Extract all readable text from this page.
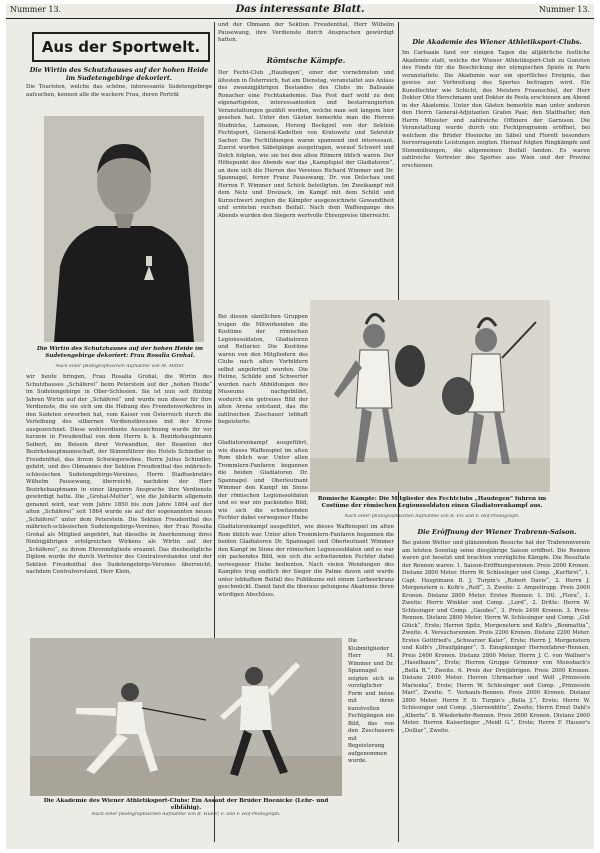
Nummer 13.	Das interessante Blatt.	Nummer 13.
Aus der Sportwelt.
Die Wirtin des Schutzhauses auf der hohen Heide im Sudetengebirge dekoriert.
Die Touristen, welche das schöne, interessante Sudetengebirge aufsuchen, kennen alle die wackere Frau, deren Porträt
Die Wirtin des Schutzhauses auf der hohen Heide im Sudetengebirge dekoriert: Frau Rosalia Grohal.
Nach einer photographischen Aufnahme von M. Mitter.
wir heute bringen, Frau Rosalia Grohal, die Wirtin des Schutzhauses „Schäferei“ beim Peterstein auf der „hohen Heide“ im Sudetengebirge in Ober-Schlesien. Sie ist nun seit fünfzig Jahren Wirtin auf der „Schäferei“ und wurde nun dieser für ihre Verdienste, die sie sich um die Hebung des Fremdenverkehres in den Sudeten erworben hat, vom Kaiser von Österreich durch die Verleihung des silbernen Verdienstkreuzes mit der Krone ausgezeichnet. Diese wohlverdiente Auszeichnung wurde ihr vor kurzem in Freudenthal von dem Herrn k. k. Bezirkshauptmann Seibert, im Beisein ihrer Verwandten, der Beamten der Bezirkshauptmannschaft, der Stimmführer des Hotels Schindler in Freudenthal, das ihrem Schwiegersohne, Herrn Julius Schindler, gehört, und des Obmannes der Sektion Freudenthal des mährisch-schlesischen Sudetengebirgs-Vereines, Herrn Stadtsekretärs Wilhelm Pausewang, überreicht, nachdem der Herr Bezirkshauptmann in einer längeren Ansprache ihre Verdienste gewürdigt hatte. Die „Grohal-Mutter“, wie die Jubilarin allgemein genannt wird, war vom Jahre 1850 bis zum Jahre 1864 auf der alten „Schäferei“ seit 1864 wurde sie auf der sogenannten neuen „Schäferei“ unter dem Peterstein. Die Sektion Freudenthal des mährisch-schlesischen Sudetengebirgs-Vereines, der Frau Rosalia Grohal als Mitglied angehört, hat dieselbe in Anerkennung ihres fünfzigjährigen erfolgreichen Wirkens als Wirtin auf der „Schäferei“, zu ihrem Ehrenmitgliede ernannt. Das diesbezügliche Diplom wurde ihr durch Vertreter des Centralvorstandes und der Sektion Freudenthal des Sudetengebirgs-Vereines überreicht, nachdem Centralvorstand, Herr Klein,
und der Obmann der Sektion Freudenthal, Herr Wilhelm Pausewang, ihre Verdienste durch Ansprachen gewürdigt hatten.
Römische Kämpfe.
Der Fecht-Club „Haudegen“, einer der vornehmsten und ältesten in Österreich, hat am Dienstag, veranstaltet aus Anlass des zwanzigjährigen Bestandes des Clubs im Ballsaale Ronacher eine Fechtakademie. Das Fest darf wohl zu den eigenartigsten, interessantesten und bestarrangierten Veranstaltungen gezählt werden, welche man seit langem hier gesehen hat. Unter den Gästen bemerkte man die Herren Studnicka, Lamezan, Herzog Beckgzel von der Sektion Fechtsport, General-Kadetten von Kratowetz und Sekretär Sacher. Die Fechtübungen waren spannend und interessant. Zuerst wurden Säbelgänge ausgetragen, worauf Schwert und Dolch folgten, wie sie bei den alten Römern üblich waren. Der Höhepunkt des Abends war das „Kampfspiel der Gladiatoren“, an dem sich die Herren des Vereines Richard Wimmer und Dr. Spannagel, ferner Franz Pausewang, Dr. von Dolschau und Herren F. Wimmer und Schick beteiligten. Im Zweikampf mit dem Netz und Dreizack, im Kampf mit dem Schild und Kurzschwert zeigten die Kämpfer ausgezeichnete Gewandtheit und ernteten reichen Beifall. Nach dem Waffengange des Abends wurden den Siegern wertvolle Ehrenpreise überreicht.
Bei diesen sämtlichen Gruppen trugen die Mitwirkenden die Kostüme der römischen Legionssoldaten, Gladiatoren und Retiarier. Die Kostüme waren von den Mitgliedern des Clubs nach alten Vorbildern selbst angefertigt worden. Die Helme, Schilde und Schwerter wurden nach Abbildungen des Museums nachgebildet, wodurch ein getreues Bild der alten Arena entstand, das die zahlreichen Zuschauer lebhaft begeisterte.
Römische Kämpfe: Die Mitglieder des Fechtclubs „Haudegen“ führen im Costüme der römischen Legionssoldaten einen Gladiatorenkampf aus.
Nach einer photographischen Aufnahme von R. Fix und F. Hof-Photograph.
Gladiatorenkampf ausgeführt, wie dieses Waffenspiel im alten Rom üblich war. Unter allen Trommlern-Fanfaren begannen die beiden Gladiatoren Dr. Spannagel und Oberleutnant Wimmer den Kampf im Sinne der römischen Legionssoldaten und es war ein packendes Bild, wie sich die schwitzenden Fechter dabei verwegener Hiebe
Gladiatorenkampf ausgeführt, wie dieses Waffenspiel im alten Rom üblich war. Unter allen Trommlern-Fanfaren begannen die beiden Gladiatoren Dr. Spannagel und Oberleutnant Wimmer den Kampf im Sinne der römischen Legionssoldaten und es war ein packendes Bild, wie sich die schwitzenden Fechter dabei verwegener Hiebe bedienten. Nach vielen Wendungen des Kampfes trug endlich der Sieger die Palme davon und wurde unter lebhaftem Beifall des Publikums mit einem Lorbeerkranz geschmückt. Damit fand die überaus gelungene Akademie ihren würdigen Abschluss.
Die Klubmitglieder Herr M. Wimmer und Dr. Spannagel zeigten sich in vorzüglicher Form und boten mit ihren kunstvollen Fechtgängen ein Bild, das von den Zuschauern mit Begeisterung aufgenommen wurde.
Die Akademie des Wiener Athletiksport-Clubs: Ein Assaut der Brüder Hoenicke (Lehr- und elbfähig).
Nach einer photographischen Aufnahme von R. Huber, F. und F. Hof-Photograph.
Die Akademie des Wiener Athletiksport-Clubs.
Im Carlsaale fand vor einigen Tagen die alljährliche festliche Akademie statt, welche der Wiener Athletiksport-Club zu Gunsten des Fonds für die Beschickung der olympischen Spiele in Paris veranstaltete. Die Akademie war ein sportliches Ereignis, das gewiss zur Verbreitung des Sportes beitragen wird. Ein Kunstfechter wie Schicht, des Meisters Fraunschiel, der Herr Doktor Otto Herschmann und Doktor de Pesta erschienen am Abend in der Akademie. Unter den Gästen bemerkte man unter anderen den Herrn General-Adjutanten Grafen Paar, den Statthalter, den Herrn Minister und zahlreiche Offiziere der Garnison. Die Veranstaltung wurde durch ein Fechtprogramm eröffnet, bei welchem die Brüder Hoenicke im Säbel und Florett besonders hervorragende Leistungen zeigten. Hierauf folgten Ringkämpfe und Stemmübungen, die allgemeinen Beifall fanden. Es waren zahlreiche Vertreter des Sportes aus Wien und der Provinz erschienen.
Die Eröffnung der Wiener Trabrenn-Saison.
Bei gutem Wetter und glänzendem Besuche hat der Trabrennverein am letzten Sonntag seine diesjährige Saison eröffnet. Die Rennen waren gut besetzt und brachten vorzügliche Kämpfe. Die Resultate der Rennen waren: 1. Saison-Eröffnungsrennen. Preis 2000 Kronen. Distanz 2800 Meter. Herrn W. Schlesinger und Comp. „Kurfürst“, 1. Capt. Hauptmann B. J. Turpin's „Robert Davis“, 2. Herrn J. Morgenstern u. Kolb's „Rolf“, 3. Zweite: 2. Ampeltrapp. Preis 2000 Kronen. Distanz 2800 Meter. Erstes Rennen: 1. Dtl. „Flora“, 1. Zweite: Herrn Winkler und Comp. „Lord“, 2. Dritte: Herrn W. Schlesinger und Comp. „Gaudes“, 3. Preis 2400 Kronen. 3. Preis-Rennen. Distanz 2800 Meter. Herrn W. Schlesinger und Comp. „Gut Glück“, Erste; Herren Spitz, Morgenstern und Kolb's „Bonmattia“, Zweite. 4. Versuchsrennen. Preis 2200 Kronen. Distanz 2200 Meter. Erstes Gottfried's „Schwarzer Kater“, Erste; Herrn J. Morgenstern und Kolb's „Draufgänger“. 5. Einspänniger Herrenfahrer-Rennen. Preis 2400 Kronen. Distanz 2800 Meter. Herrn J. C. von Wallner's „Haselbaum“, Erste; Herren Gruppe Grimmer von Meissbach's „Bella B.“, Zweite. 6. Preis der Dreijährigen. Preis 2000 Kronen. Distanz 2400 Meter. Herren Uhrmacher und Woll „Prinzessin Marienka“, Erste; Herrn W. Schlesinger und Comp. „Prinzessin Mari“, Zweite. 7. Verkaufs-Rennen. Preis 2000 Kronen. Distanz 2800 Meter. Herrn F. D. Turpin's „Bella J.“, Erste; Herrn W. Schlesinger und Comp. „Sternenblitz“, Zweite; Herrn Ernst Dahl's „Alberta“. 8. Wiederkehr-Rennen. Preis 2600 Kronen. Distanz 2600 Meter. Herren Kaiserlinger „Meidl G.“, Erste; Herrn F. Hauser's „Dolliar“, Zweite.
